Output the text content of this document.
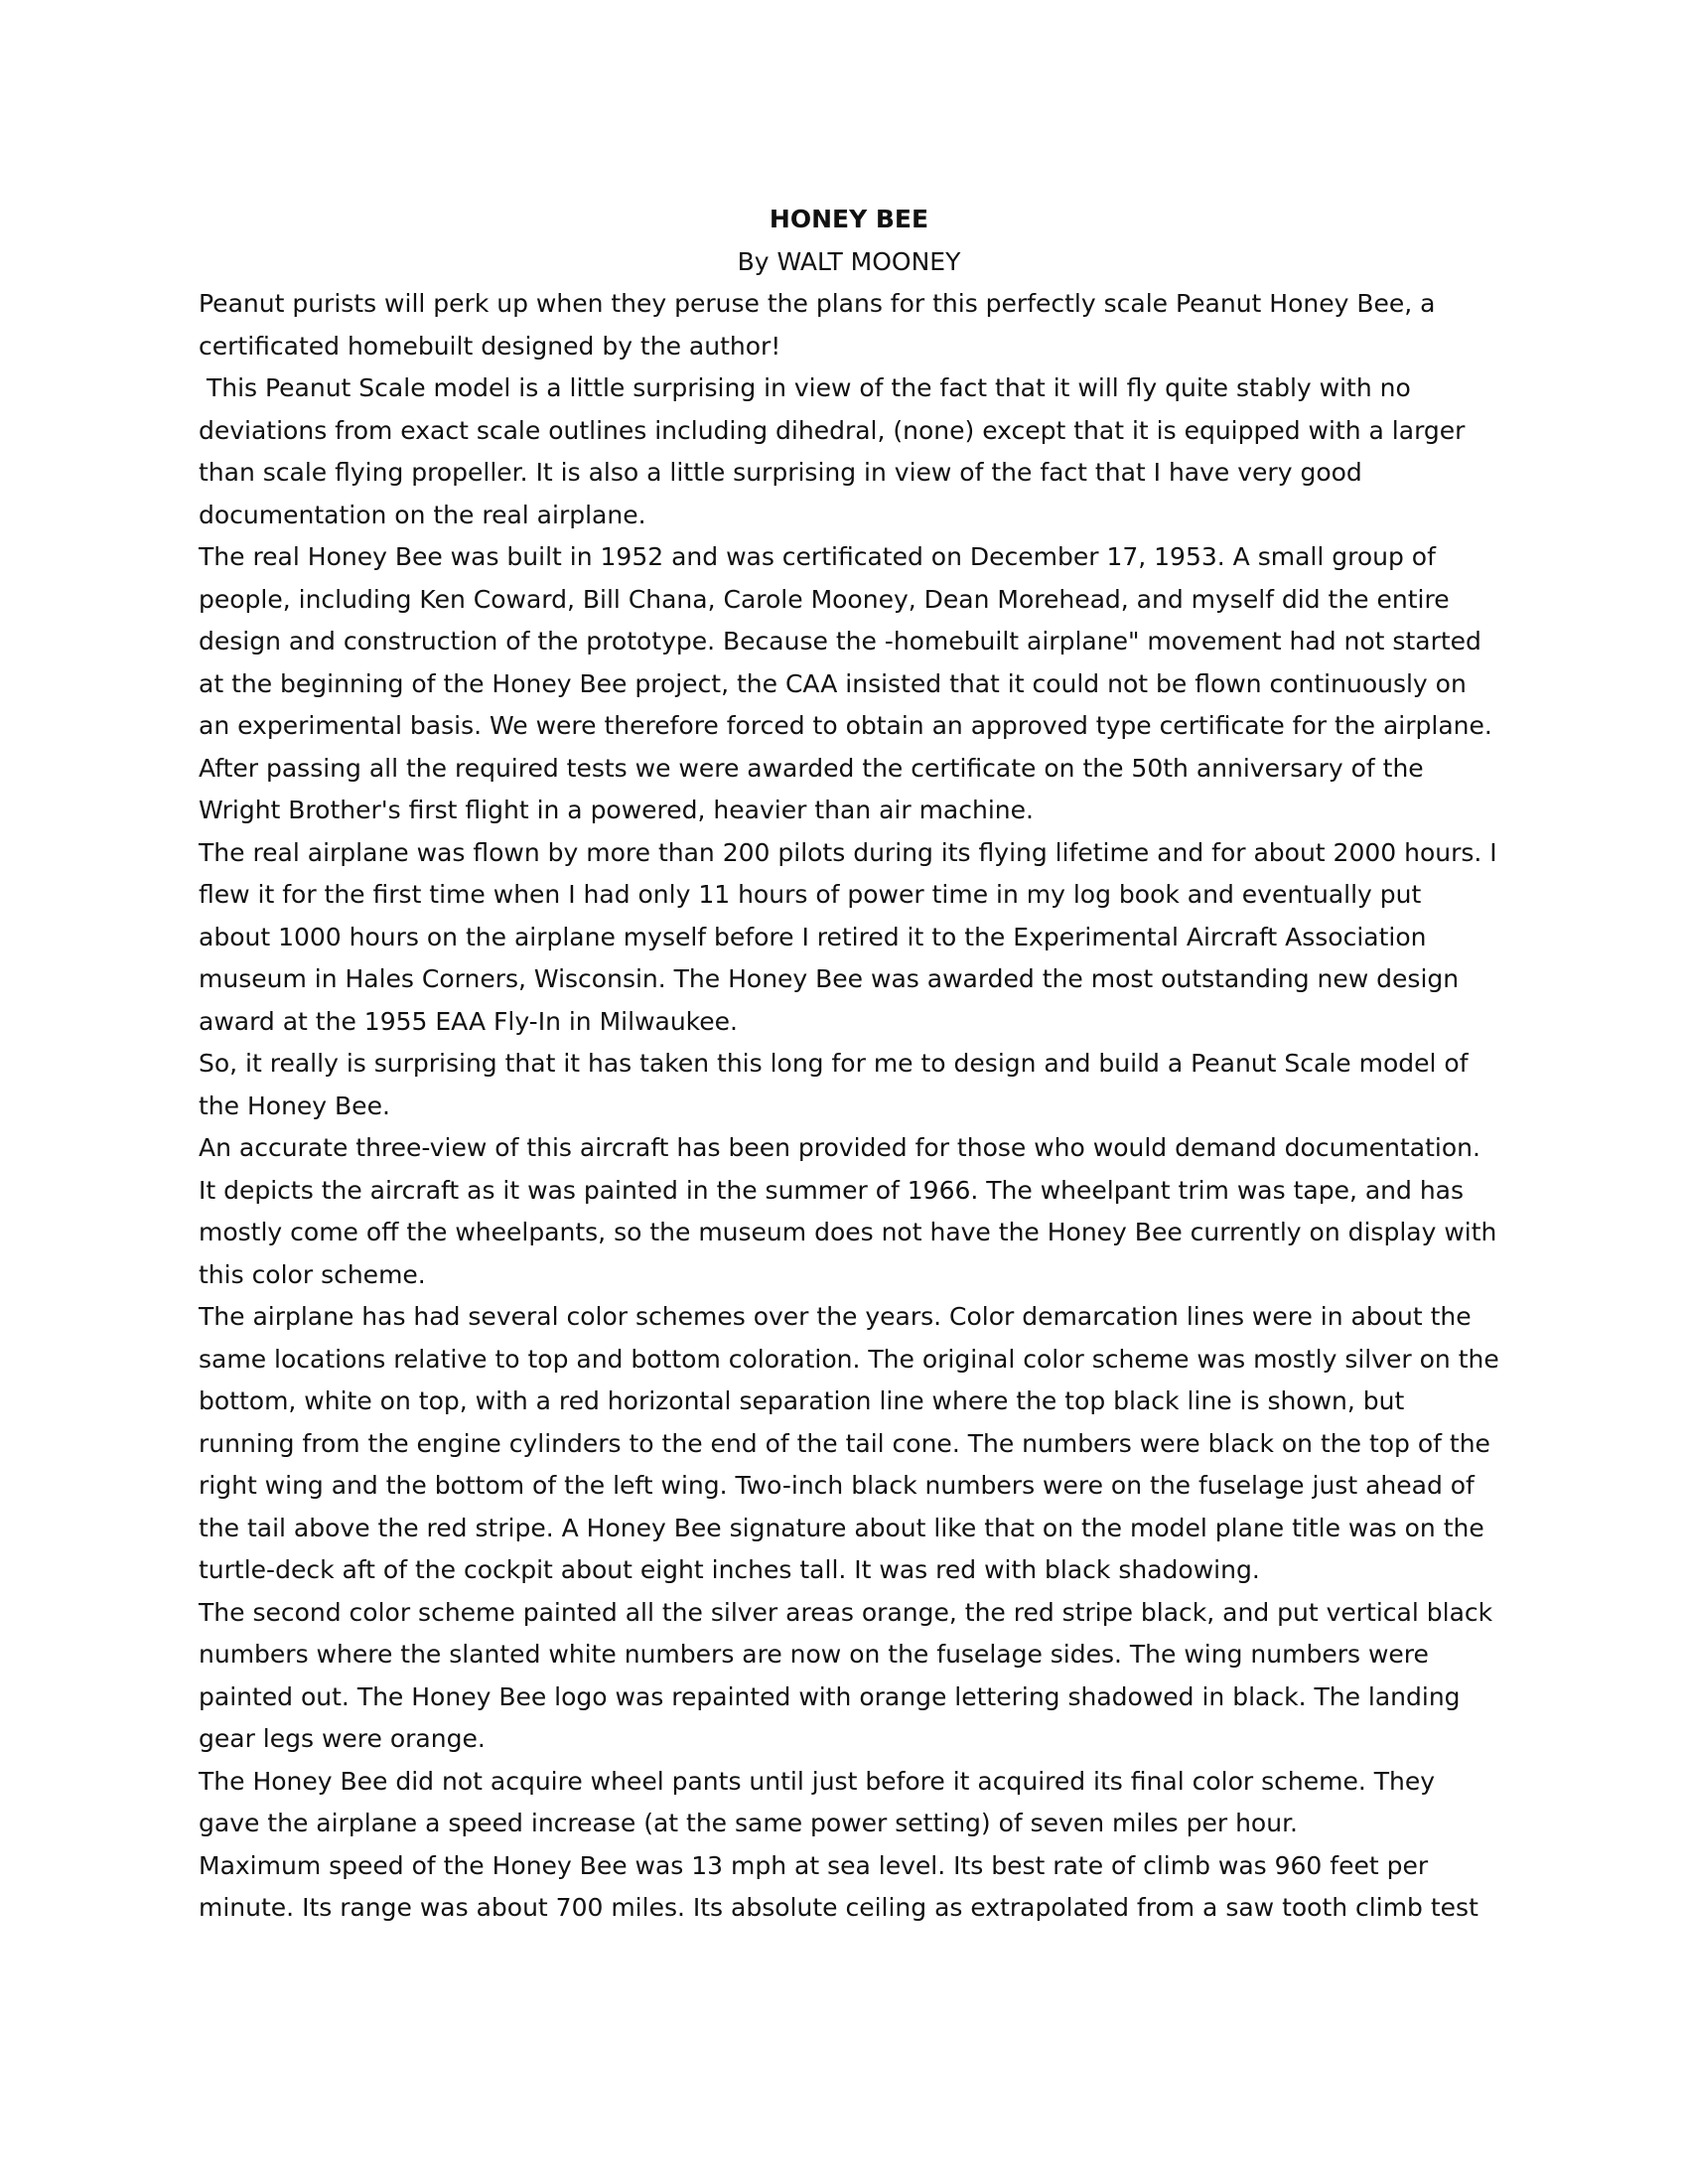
HONEY BEE

By WALT MOONEY

Peanut purists will perk up when they peruse the plans for this perfectly scale Peanut Honey Bee, a certificated homebuilt designed by the author!

This Peanut Scale model is a little surprising in view of the fact that it will fly quite stably with no deviations from exact scale outlines including dihedral, (none) except that it is equipped with a larger than scale flying propeller. It is also a little surprising in view of the fact that I have very good documentation on the real airplane.

The real Honey Bee was built in 1952 and was certificated on December 17, 1953. A small group of people, including Ken Coward, Bill Chana, Carole Mooney, Dean Morehead, and myself did the entire design and construction of the prototype. Because the -homebuilt airplane" movement had not started at the beginning of the Honey Bee project, the CAA insisted that it could not be flown continuously on an experimental basis. We were therefore forced to obtain an approved type certificate for the airplane. After passing all the required tests we were awarded the certificate on the 50th anniversary of the Wright Brother's first flight in a powered, heavier than air machine.

The real airplane was flown by more than 200 pilots during its flying lifetime and for about 2000 hours. I flew it for the first time when I had only 11 hours of power time in my log book and eventually put about 1000 hours on the airplane myself before I retired it to the Experimental Aircraft Association museum in Hales Corners, Wisconsin. The Honey Bee was awarded the most outstanding new design award at the 1955 EAA Fly-In in Milwaukee.

So, it really is surprising that it has taken this long for me to design and build a Peanut Scale model of the Honey Bee.

An accurate three-view of this aircraft has been provided for those who would demand documentation. It depicts the aircraft as it was painted in the summer of 1966. The wheelpant trim was tape, and has mostly come off the wheelpants, so the museum does not have the Honey Bee currently on display with this color scheme.

The airplane has had several color schemes over the years. Color demarcation lines were in about the same locations relative to top and bottom coloration. The original color scheme was mostly silver on the bottom, white on top, with a red horizontal separation line where the top black line is shown, but running from the engine cylinders to the end of the tail cone. The numbers were black on the top of the right wing and the bottom of the left wing. Two-inch black numbers were on the fuselage just ahead of the tail above the red stripe. A Honey Bee signature about like that on the model plane title was on the turtle-deck aft of the cockpit about eight inches tall. It was red with black shadowing.

The second color scheme painted all the silver areas orange, the red stripe black, and put vertical black numbers where the slanted white numbers are now on the fuselage sides. The wing numbers were painted out. The Honey Bee logo was repainted with orange lettering shadowed in black. The landing gear legs were orange.

The Honey Bee did not acquire wheel pants until just before it acquired its final color scheme. They gave the airplane a speed increase (at the same power setting) of seven miles per hour.

Maximum speed of the Honey Bee was 13 mph at sea level. Its best rate of climb was 960 feet per minute. Its range was about 700 miles. Its absolute ceiling as extrapolated from a saw tooth climb test
